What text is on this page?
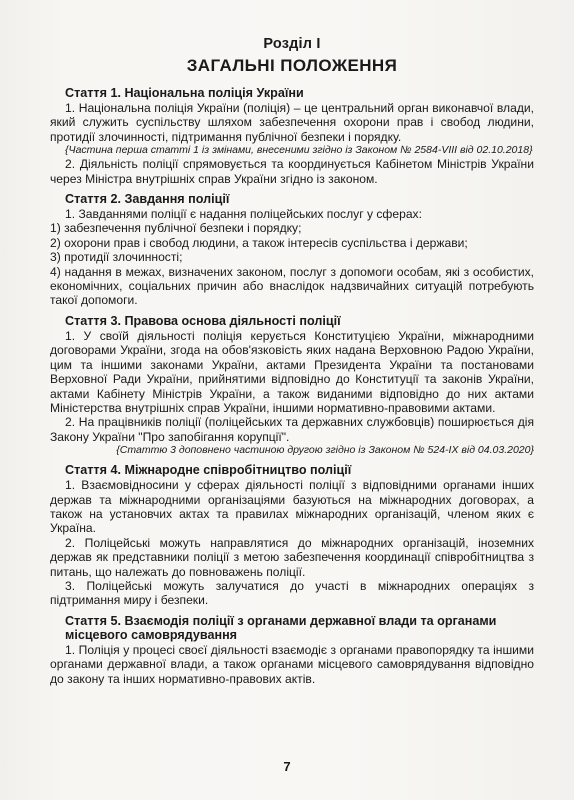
Розділ I
ЗАГАЛЬНІ ПОЛОЖЕННЯ
Стаття 1. Національна поліція України

1. Національна поліція України (поліція) – це центральний орган виконавчої влади, який служить суспільству шляхом забезпечення охорони прав і свобод людини, протидії злочинності, підтримання публічної безпеки і порядку.

{Частина перша статті 1 із змінами, внесеними згідно із Законом № 2584-VIII від 02.10.2018}

2. Діяльність поліції спрямовується та координується Кабінетом Міністрів України через Міністра внутрішніх справ України згідно із законом.

Стаття 2. Завдання поліції

1. Завданнями поліції є надання поліцейських послуг у сферах:

1) забезпечення публічної безпеки і порядку;

2) охорони прав і свобод людини, а також інтересів суспільства і держави;

3) протидії злочинності;

4) надання в межах, визначених законом, послуг з допомоги особам, які з особистих, економічних, соціальних причин або внаслідок надзвичайних ситуацій потребують такої допомоги.

Стаття 3. Правова основа діяльності поліції

1. У своїй діяльності поліція керується Конституцією України, міжнародними договорами України, згода на обов'язковість яких надана Верховною Радою України, цим та іншими законами України, актами Президента України та постановами Верховної Ради України, прийнятими відповідно до Конституції та законів України, актами Кабінету Міністрів України, а також виданими відповідно до них актами Міністерства внутрішніх справ України, іншими нормативно-правовими актами.

2. На працівників поліції (поліцейських та державних службовців) поширюється дія Закону України "Про запобігання корупції".

{Статтю 3 доповнено частиною другою згідно із Законом № 524-IX від 04.03.2020}

Стаття 4. Міжнародне співробітництво поліції

1. Взаємовідносини у сферах діяльності поліції з відповідними органами інших держав та міжнародними організаціями базуються на міжнародних договорах, а також на установчих актах та правилах міжнародних організацій, членом яких є Україна.

2. Поліцейські можуть направлятися до міжнародних організацій, іноземних держав як представники поліції з метою забезпечення координації співробітництва з питань, що належать до повноважень поліції.

3. Поліцейські можуть залучатися до участі в міжнародних операціях з підтримання миру і безпеки.

Стаття 5. Взаємодія поліції з органами державної влади та органами місцевого самоврядування

1. Поліція у процесі своєї діяльності взаємодіє з органами правопорядку та іншими органами державної влади, а також органами місцевого самоврядування відповідно до закону та інших нормативно-правових актів.

7
